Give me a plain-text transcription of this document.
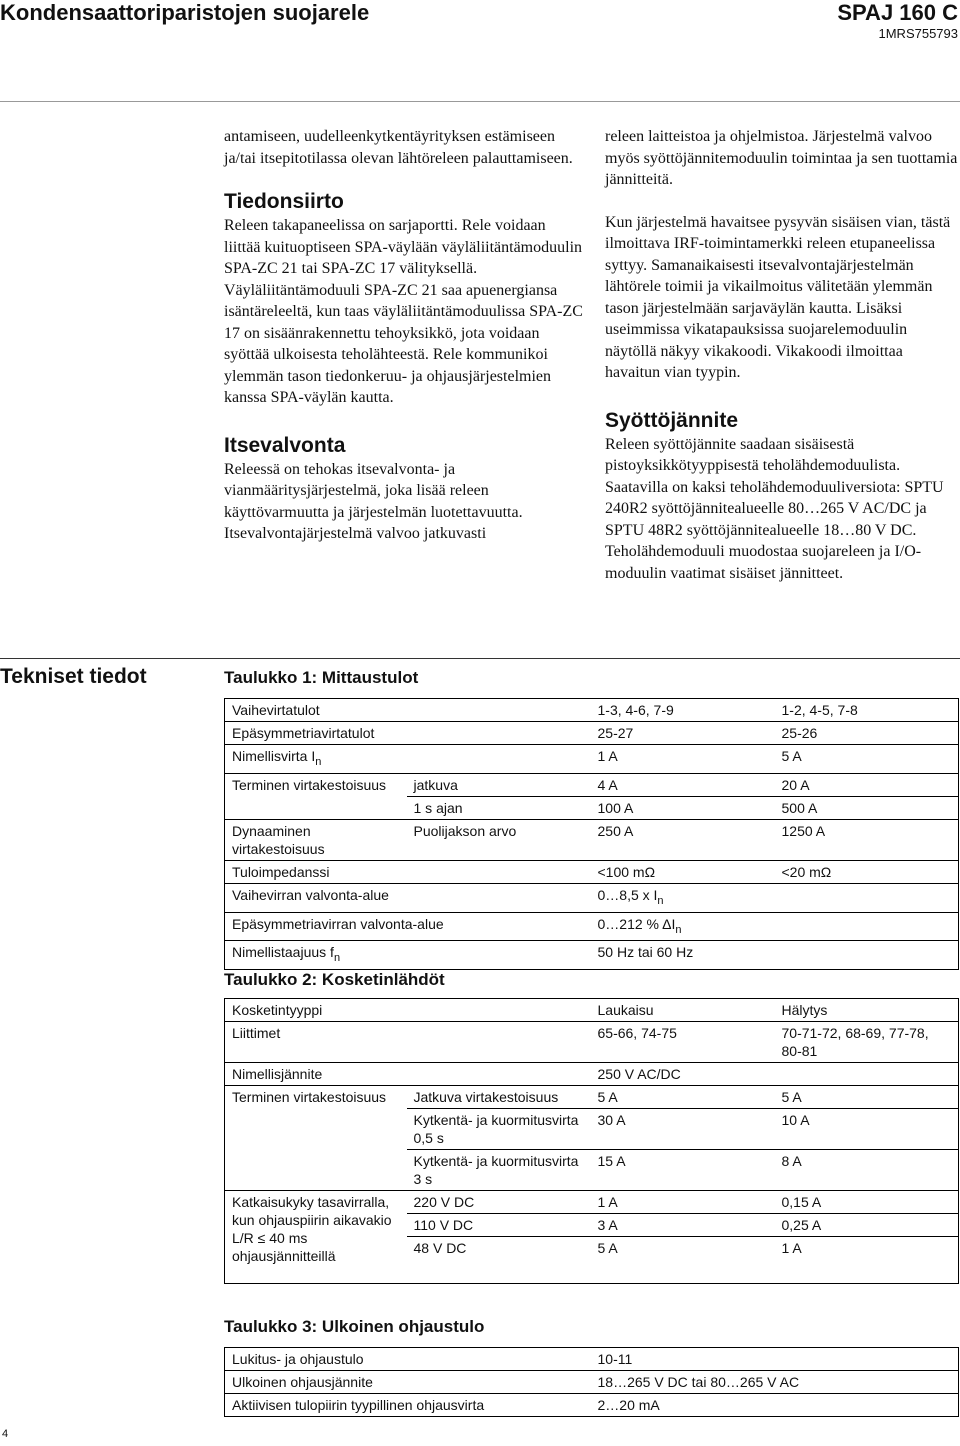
Kondensaattoriparistojen suojarele	SPAJ 160 C
1MRS755793

antamiseen, uudelleenkytkentäyrityksen estämiseen ja/tai itsepitotilassa olevan lähtöreleen palauttamiseen.

Tiedonsiirto

Releen takapaneelissa on sarjaportti. Rele voidaan liittää kuituoptiseen SPA-väylään väyläliitäntämoduulin SPA-ZC 21 tai SPA-ZC 17 välityksellä. Väyläliitäntämoduuli SPA-ZC 21 saa apuenergiansa isäntäreleeltä, kun taas väyläliitäntämoduulissa SPA-ZC 17 on sisäänrakennettu tehoyksikkö, jota voidaan syöttää ulkoisesta teholähteestä. Rele kommunikoi ylemmän tason tiedonkeruu- ja ohjausjärjestelmien kanssa SPA-väylän kautta.

Itsevalvonta

Releessä on tehokas itsevalvonta- ja vianmääritysjärjestelmä, joka lisää releen käyttövarmuutta ja järjestelmän luotettavuutta. Itsevalvontajärjestelmä valvoo jatkuvasti

releen laitteistoa ja ohjelmistoa. Järjestelmä valvoo myös syöttöjännitemoduulin toimintaa ja sen tuottamia jännitteitä.

Kun järjestelmä havaitsee pysyvän sisäisen vian, tästä ilmoittava IRF-toimintamerkki releen etupaneelissa syttyy. Samanaikaisesti itsevalvontajärjestelmän lähtörele toimii ja vikailmoitus välitetään ylemmän tason järjestelmään sarjaväylän kautta. Lisäksi useimmissa vikatapauksissa suojarelemoduulin näytöllä näkyy vikakoodi. Vikakoodi ilmoittaa havaitun vian tyypin.

Syöttöjännite

Releen syöttöjännite saadaan sisäisestä pistoyksikkötyyppisestä teholähdemoduulista. Saatavilla on kaksi teholähdemoduuliversiota: SPTU 240R2 syöttöjännitealueelle 80…265 V AC/DC ja SPTU 48R2 syöttöjännitealueelle 18…80 V DC. Teholähdemoduuli muodostaa suojareleen ja I/O-moduulin vaatimat sisäiset jännitteet.

Tekniset tiedot	Taulukko 1: Mittaustulot
Vaihevirtatulot		1-3, 4-6, 7-9	1-2, 4-5, 7-8
Epäsymmetriavirtatulot		25-27	25-26
Nimellisvirta $I_n$		1 A	5 A
Terminen virtakestoisuus	jatkuva	4 A	20 A
	1 s ajan	100 A	500 A
Dynaaminen virtakestoisuus	Puolijakson arvo	250 A	1250 A
Tuloimpedanssi		<100 mΩ	<20 mΩ
Vaihevirran valvonta-alue		0…8,5 x $I_n$
Epäsymmetriavirran valvonta-alue		0…212 % $\Delta I_n$
Nimellistaajuus $f_n$		50 Hz tai 60 Hz	
Taulukko 2: Kosketinlähdöt
Kosketintyyppi		Laukaisu	Hälytys
Liittimet		65-66, 74-75	70-71-72, 68-69, 77-78, 80-81
Nimellisjännite		250 V AC/DC	
Terminen virtakestoisuus	Jatkuva virtakestoisuus	5 A	5 A
	Kytkentä- ja kuormitusvirta 0,5 s	30 A	10 A
	Kytkentä- ja kuormitusvirta 3 s	15 A	8 A
Katkaisukyky tasavirralla, kun ohjauspiirin aikavakio L/R ≤ 40 ms ohjausjännitteillä	220 V DC	1 A	0,15 A
	110 V DC	3 A	0,25 A
	48 V DC	5 A	1 A
Taulukko 3: Ulkoinen ohjaustulo
Lukitus- ja ohjaustulo	10-11
Ulkoinen ohjausjännite	18…265 V DC tai 80…265 V AC
Aktiivisen tulopiirin tyypillinen ohjausvirta	2…20 mA
4
